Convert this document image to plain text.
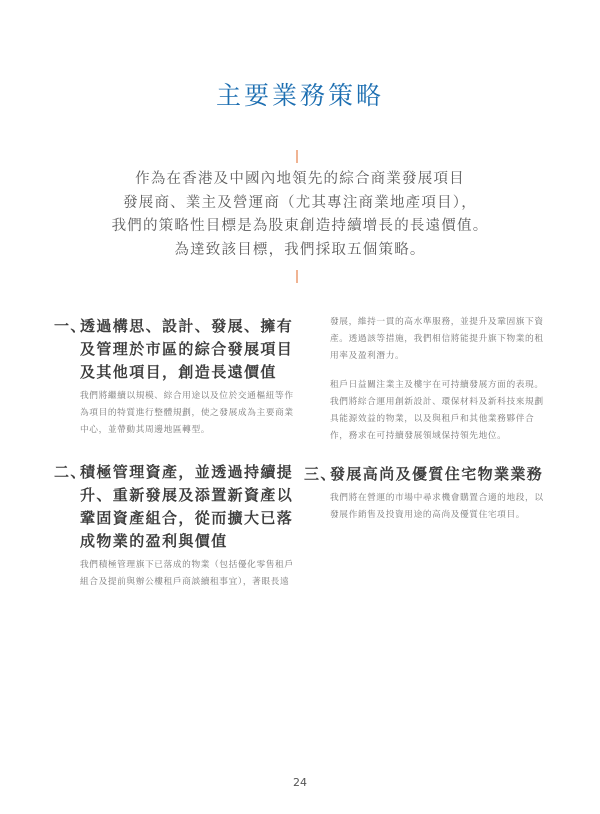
主要業務策略

作為在香港及中國內地領先的綜合商業發展項目

發展商、業主及營運商（尤其專注商業地產項目），

我們的策略性目標是為股東創造持續增長的長遠價值。

為達致該目標，我們採取五個策略。

一、
透過構思、設計、發展、擁有及管理於市區的綜合發展項目及其他項目，創造長遠價值
我們將繼續以規模、綜合用途以及位於交通樞紐等作為項目的特質進行整體規劃，使之發展成為主要商業中心，並帶動其周邊地區轉型。
二、
積極管理資產，並透過持續提升、重新發展及添置新資產以鞏固資產組合，從而擴大已落成物業的盈利與價值
我們積極管理旗下已落成的物業（包括優化零售租戶組合及提前與辦公樓租戶商談續租事宜），著眼長遠
發展，維持一貫的高水準服務，並提升及鞏固旗下資產。透過該等措施，我們相信將能提升旗下物業的租用率及盈利潛力。
租戶日益關注業主及樓宇在可持續發展方面的表現。我們將綜合運用創新設計、環保材料及新科技來規劃具能源效益的物業，以及與租戶和其他業務夥伴合作，務求在可持續發展領域保持領先地位。
三、
發展高尚及優質住宅物業業務
我們將在營運的市場中尋求機會購置合適的地段，以發展作銷售及投資用途的高尚及優質住宅項目。
24
